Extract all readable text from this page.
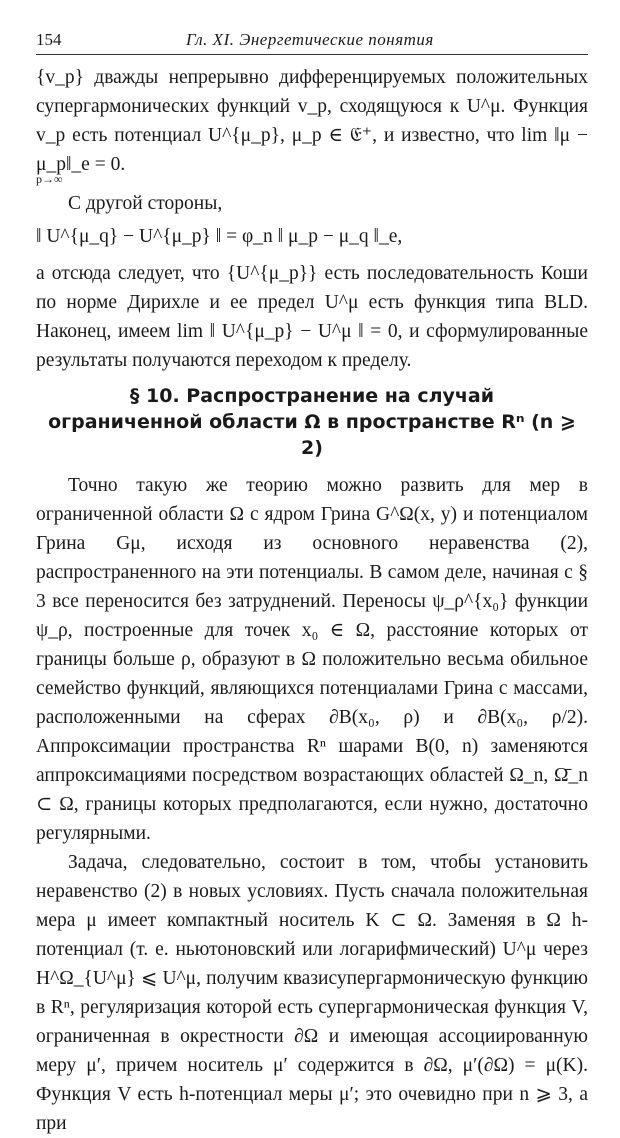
154	Гл. XI. Энергетические понятия

{v_p} дважды непрерывно дифференцируемых положительных супергармонических функций v_p, сходящуюся к U^μ. Функция v_p есть потенциал U^{μ_p}, μ_p ∈ 𝔈⁺, и известно, что lim ‖μ − μ_p‖_e = 0.

p→∞

С другой стороны,

‖ U^{μ_q} − U^{μ_p} ‖ = φ_n ‖ μ_p − μ_q ‖_e,

а отсюда следует, что {U^{μ_p}} есть последовательность Коши по норме Дирихле и ее предел U^μ есть функция типа BLD. Наконец, имеем lim ‖ U^{μ_p} − U^μ ‖ = 0, и сформулированные результаты получаются переходом к пределу.

§ 10. Распространение на случай
ограниченной области Ω в пространстве Rⁿ (n ⩾ 2)

Точно такую же теорию можно развить для мер в ограниченной области Ω с ядром Грина G^Ω(x, y) и потенциалом Грина Gμ, исходя из основного неравенства (2), распространенного на эти потенциалы. В самом деле, начиная с § 3 все переносится без затруднений. Переносы ψ_ρ^{x₀} функции ψ_ρ, построенные для точек x₀ ∈ Ω, расстояние которых от границы больше ρ, образуют в Ω положительно весьма обильное семейство функций, являющихся потенциалами Грина с массами, расположенными на сферах ∂B(x₀, ρ) и ∂B(x₀, ρ/2). Аппроксимации пространства Rⁿ шарами B(0, n) заменяются аппроксимациями посредством возрастающих областей Ω_n, Ω̄_n ⊂ Ω, границы которых предполагаются, если нужно, достаточно регулярными.

Задача, следовательно, состоит в том, чтобы установить неравенство (2) в новых условиях. Пусть сначала положительная мера μ имеет компактный носитель K ⊂ Ω. Заменяя в Ω h-потенциал (т. е. ньютоновский или логарифмический) U^μ через H^Ω_{U^μ} ⩽ U^μ, получим квазисупергармоническую функцию в Rⁿ, регуляризация которой есть супергармоническая функция V, ограниченная в окрестности ∂Ω и имеющая ассоциированную меру μ′, причем носитель μ′ содержится в ∂Ω, μ′(∂Ω) = μ(K). Функция V есть h-потенциал меры μ′; это очевидно при n ⩾ 3, а при
